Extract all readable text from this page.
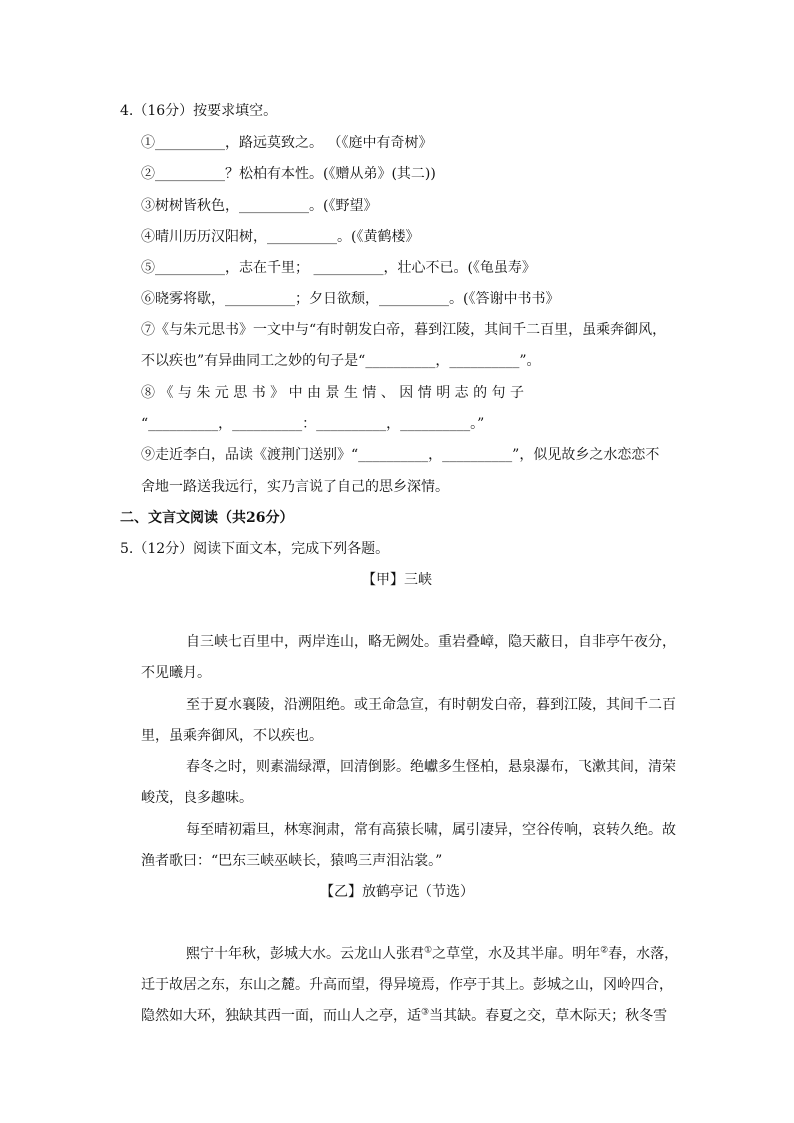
4.（16分）按要求填空。
①__________，路远莫致之。 （《庭中有奇树》
②__________？松柏有本性。(《赠从弟》(其二))
③树树皆秋色，__________。(《野望》
④晴川历历汉阳树，__________。(《黄鹤楼》
⑤__________，志在千里； __________，壮心不已。(《龟虽寿》
⑥晓雾将歇，__________；夕日欲颓，__________。(《答谢中书书》
⑦《与朱元思书》一文中与“有时朝发白帝，暮到江陵，其间千二百里，虽乘奔御风，
不以疾也”有异曲同工之妙的句子是“__________，__________”。
⑧ 《 与 朱 元 思 书 》 中 由 景 生 情 、 因 情 明 志 的 句 子
“__________，__________：__________，__________。”
⑨走近李白，品读《渡荆门送别》“__________，__________”，似见故乡之水恋恋不
舍地一路送我远行，实乃言说了自己的思乡深情。
二、文言文阅读（共26分）
5.（12分）阅读下面文本，完成下列各题。
【甲】三峡
自三峡七百里中，两岸连山，略无阙处。重岩叠嶂，隐天蔽日，自非亭午夜分，
不见曦月。
至于夏水襄陵，沿溯阻绝。或王命急宣，有时朝发白帝，暮到江陵，其间千二百
里，虽乘奔御风，不以疾也。
春冬之时，则素湍绿潭，回清倒影。绝巘多生怪柏，悬泉瀑布，飞漱其间，清荣
峻茂，良多趣味。
每至晴初霜旦，林寒涧肃，常有高猿长啸，属引凄异，空谷传响，哀转久绝。故
渔者歌曰：“巴东三峡巫峡长，猿鸣三声泪沾裳。”
【乙】放鹤亭记（节选）
熙宁十年秋，彭城大水。云龙山人张君①之草堂，水及其半扉。明年②春，水落，
迁于故居之东，东山之麓。升高而望，得异境焉，作亭于其上。彭城之山，冈岭四合，
隐然如大环，独缺其西一面，而山人之亭，适③当其缺。春夏之交，草木际天；秋冬雪
